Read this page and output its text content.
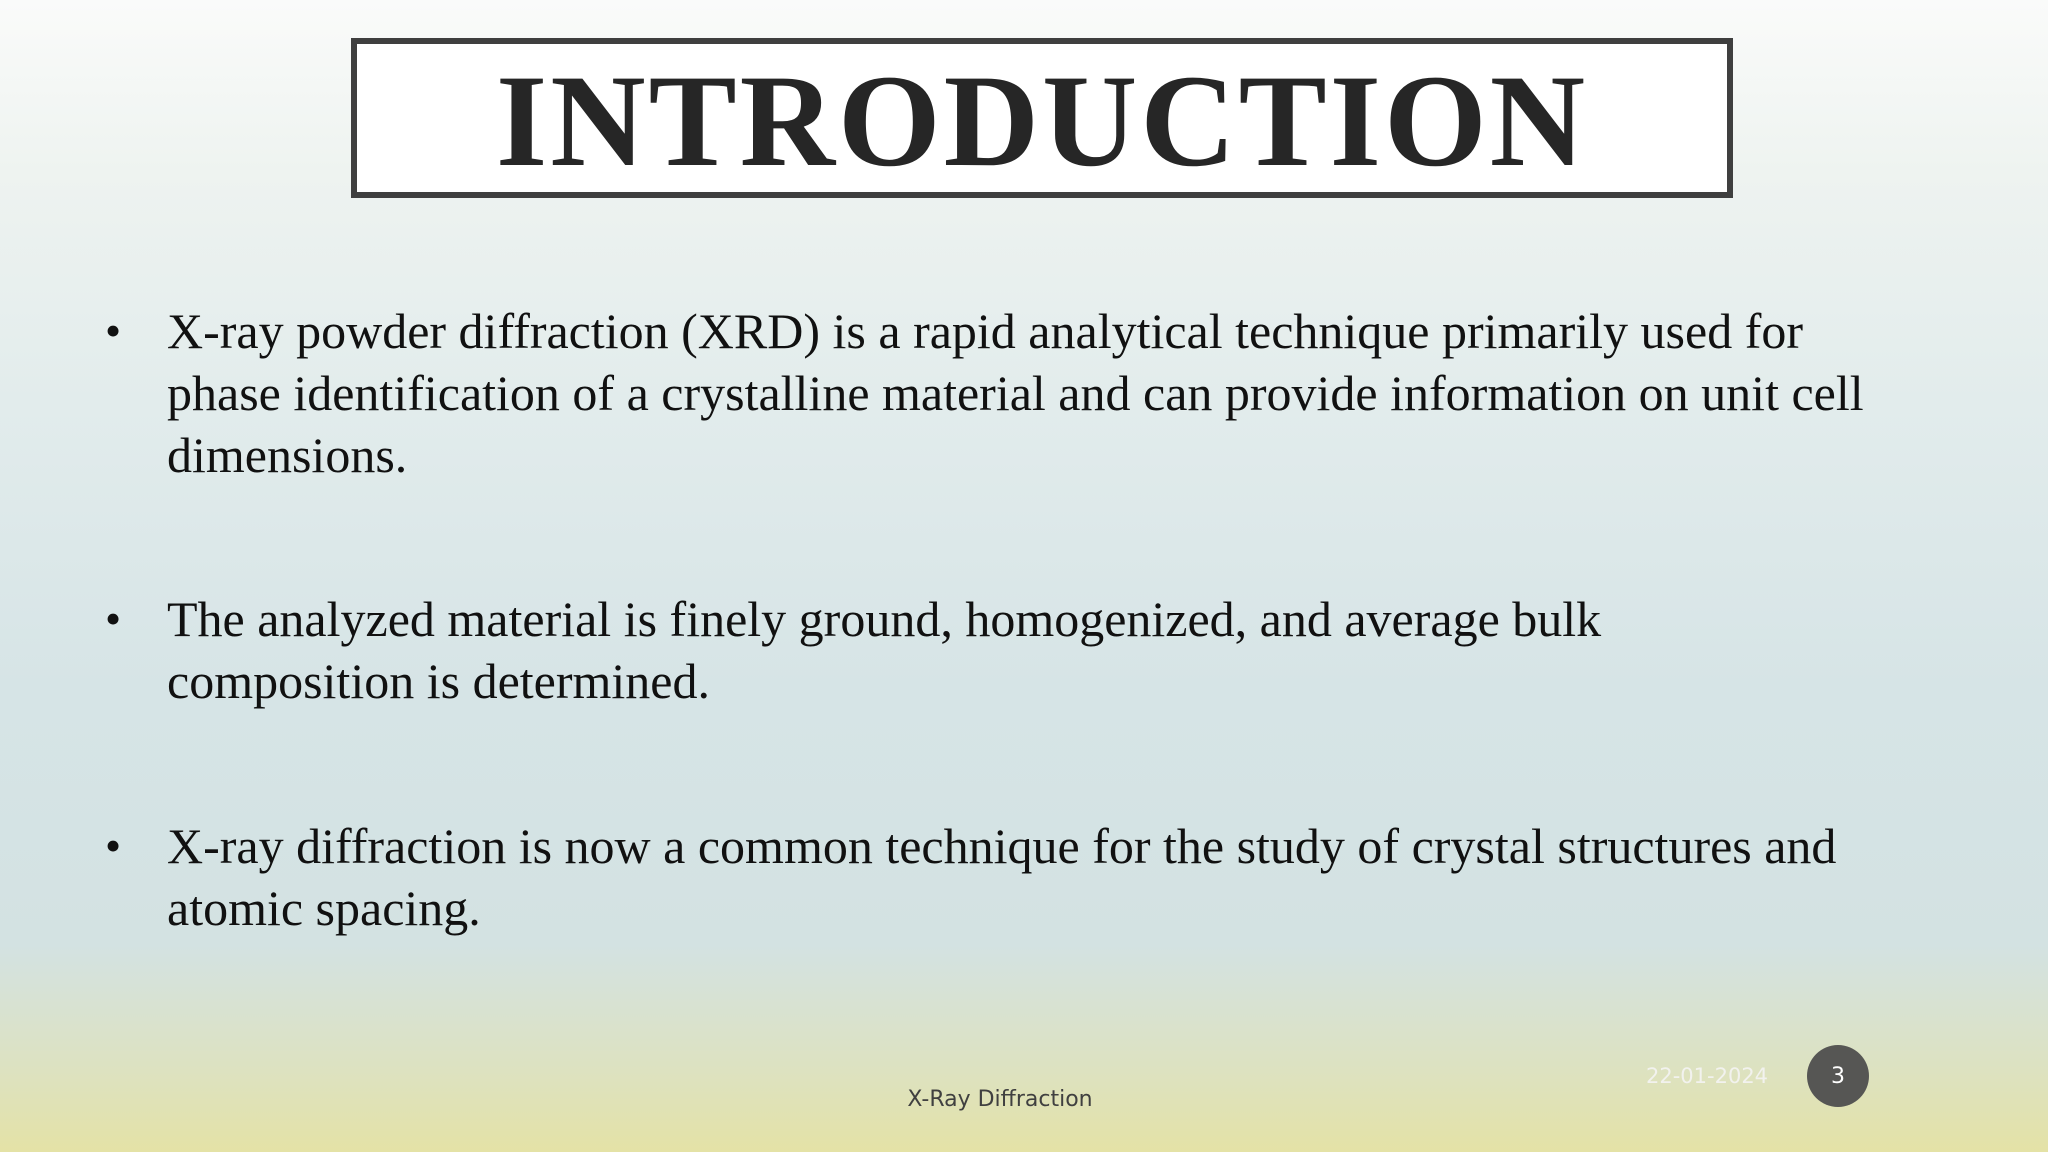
INTRODUCTION
• X-ray powder diffraction (XRD) is a rapid analytical technique primarily used for phase identification of a crystalline material and can provide information on unit cell dimensions.
• The analyzed material is finely ground, homogenized, and average bulk composition is determined.
• X-ray diffraction is now a common technique for the study of crystal structures and atomic spacing.
X-Ray Diffraction
22-01-2024	3
